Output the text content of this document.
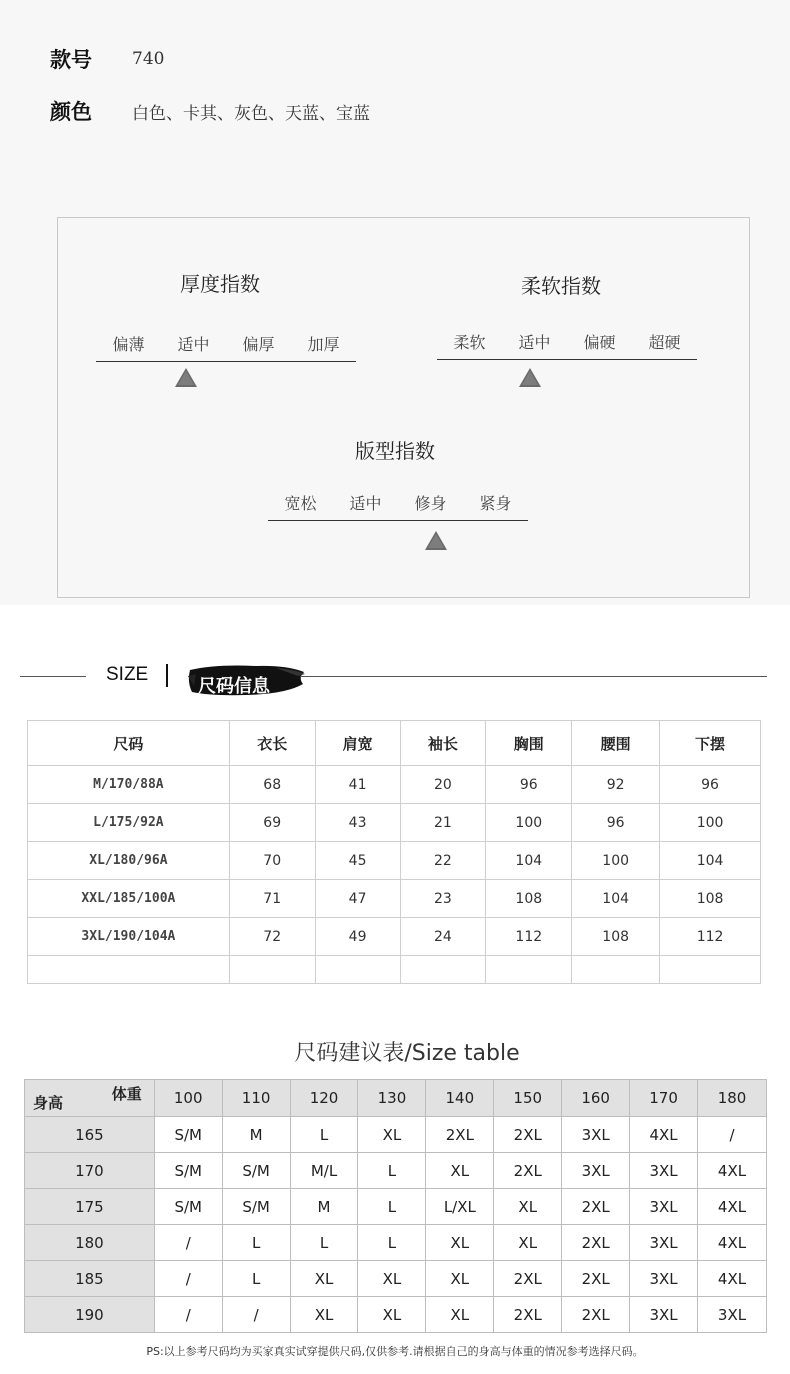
款号	740
颜色	白色、卡其、灰色、天蓝、宝蓝
厚度指数
偏薄	适中	偏厚	加厚
柔软指数
柔软	适中	偏硬	超硬
版型指数
宽松	适中	修身	紧身
SIZE
尺码信息
尺码	衣长	肩宽	袖长	胸围	腰围	下摆
M/170/88A	68	41	20	96	92	96
L/175/92A	69	43	21	100	96	100
XL/180/96A	70	45	22	104	100	104
XXL/185/100A	71	47	23	108	104	108
3XL/190/104A	72	49	24	112	108	112

尺码建议表/Size table
体重
身高	100	110	120	130	140	150	160	170	180
165	S/M	M	L	XL	2XL	2XL	3XL	4XL	/
170	S/M	S/M	M/L	L	XL	2XL	3XL	3XL	4XL
175	S/M	S/M	M	L	L/XL	XL	2XL	3XL	4XL
180	/	L	L	L	XL	XL	2XL	3XL	4XL
185	/	L	XL	XL	XL	2XL	2XL	3XL	4XL
190	/	/	XL	XL	XL	2XL	2XL	3XL	3XL
PS:以上参考尺码均为买家真实试穿提供尺码,仅供参考.请根据自己的身高与体重的情况参考选择尺码。
